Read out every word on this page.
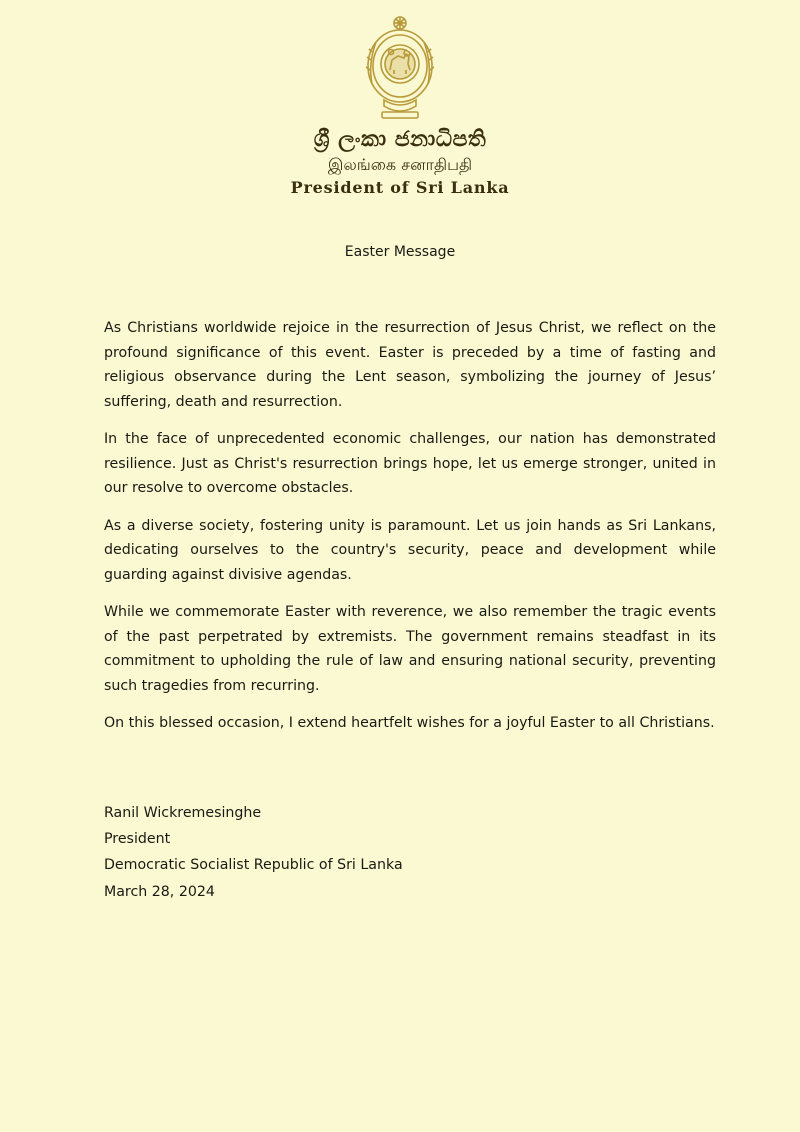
ශ්‍රී ලංකා ජනාධිපති
இலங்கை சனாதிபதி
President of Sri Lanka
Easter Message

As Christians worldwide rejoice in the resurrection of Jesus Christ, we reflect on the profound significance of this event. Easter is preceded by a time of fasting and religious observance during the Lent season, symbolizing the journey of Jesus’ suffering, death and resurrection.

In the face of unprecedented economic challenges, our nation has demonstrated resilience. Just as Christ's resurrection brings hope, let us emerge stronger, united in our resolve to overcome obstacles.

As a diverse society, fostering unity is paramount. Let us join hands as Sri Lankans, dedicating ourselves to the country's security, peace and development while guarding against divisive agendas.

While we commemorate Easter with reverence, we also remember the tragic events of the past perpetrated by extremists. The government remains steadfast in its commitment to upholding the rule of law and ensuring national security, preventing such tragedies from recurring.

On this blessed occasion, I extend heartfelt wishes for a joyful Easter to all Christians.

Ranil Wickremesinghe
President
Democratic Socialist Republic of Sri Lanka
March 28, 2024
